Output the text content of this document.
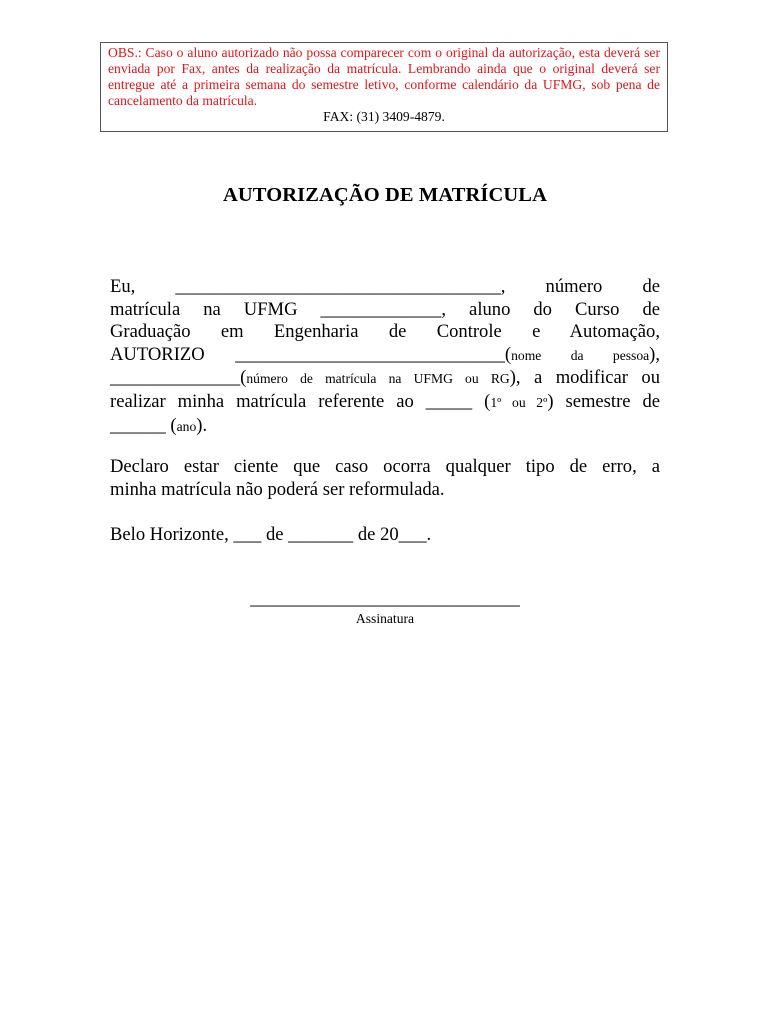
OBS.: Caso o aluno autorizado não possa comparecer com o original da autorização, esta deverá ser enviada por Fax, antes da realização da matrícula. Lembrando ainda que o original deverá ser entregue até a primeira semana do semestre letivo, conforme calendário da UFMG, sob pena de cancelamento da matrícula.

FAX: (31) 3409-4879.

AUTORIZAÇÃO DE MATRÍCULA
Eu, ___________________________________, número de
matrícula na UFMG _____________, aluno do Curso de
Graduação em Engenharia de Controle e Automação,
AUTORIZO _____________________________(nome da pessoa),
______________(número de matrícula na UFMG ou RG), a modificar ou
realizar minha matrícula referente ao _____ (1º ou 2º) semestre de
______ (ano).
Declaro estar ciente que caso ocorra qualquer tipo de erro, a
minha matrícula não poderá ser reformulada.
Belo Horizonte, ___ de _______ de 20___.

_____________________________

Assinatura
